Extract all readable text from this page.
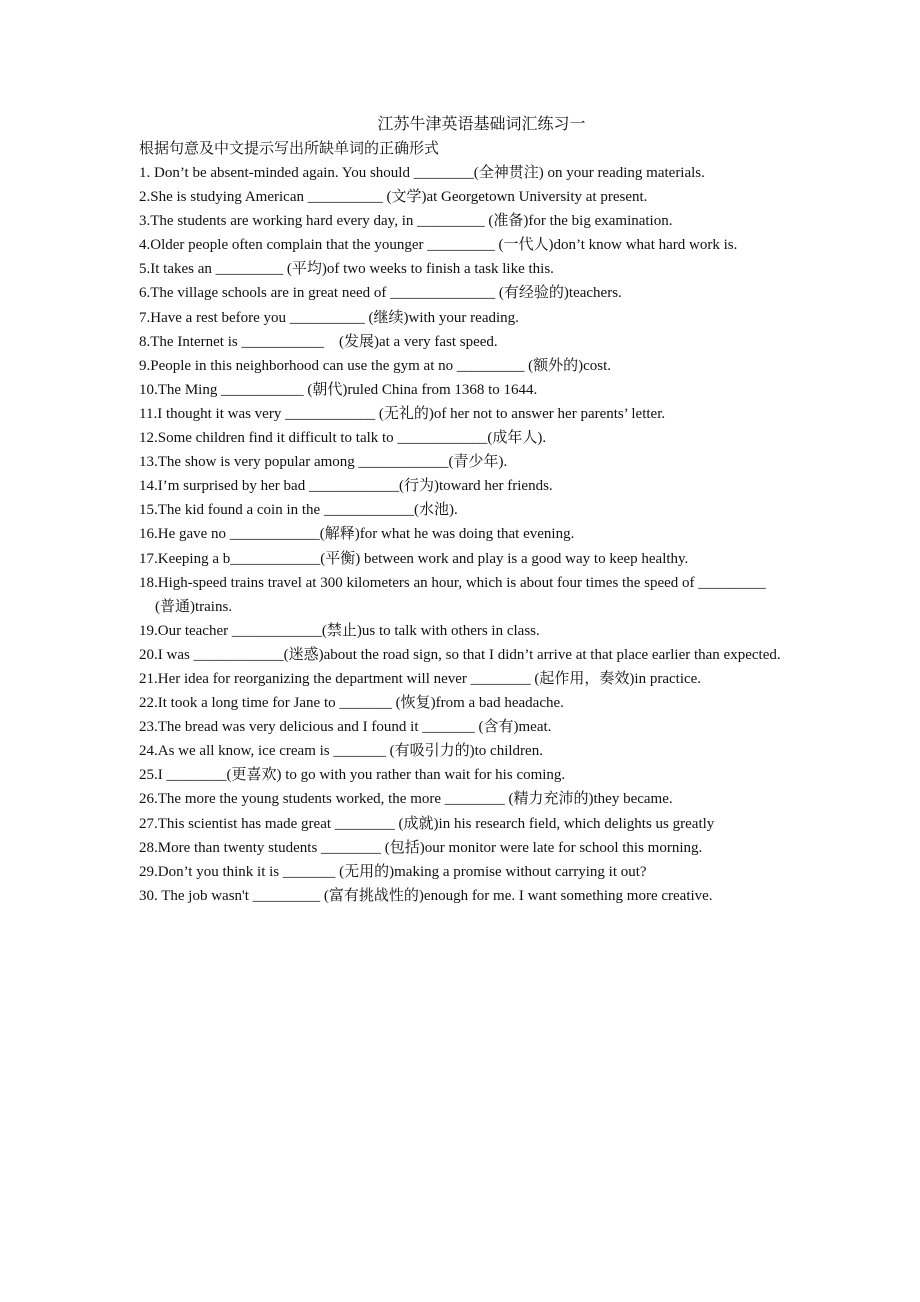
江苏牛津英语基础词汇练习一
根据句意及中文提示写出所缺单词的正确形式
1. Don’t be absent-minded again. You should ________(全神贯注) on your reading materials.
2.She is studying American __________ (文学)at Georgetown University at present.
3.The students are working hard every day, in _________ (准备)for the big examination.
4.Older people often complain that the younger _________ (一代人)don’t know what hard work is.
5.It takes an _________ (平均)of two weeks to finish a task like this.
6.The village schools are in great need of ______________ (有经验的)teachers.
7.Have a rest before you __________ (继续)with your reading.
8.The Internet is ___________　(发展)at a very fast speed.
9.People in this neighborhood can use the gym at no _________ (额外的)cost.
10.The Ming ___________ (朝代)ruled China from 1368 to 1644.
11.I thought it was very ____________ (无礼的)of her not to answer her parents’ letter.
12.Some children find it difficult to talk to ____________(成年人).
13.The show is very popular among ____________(青少年).
14.I’m surprised by her bad ____________(行为)toward her friends.
15.The kid found a coin in the ____________(水池).
16.He gave no ____________(解释)for what he was doing that evening.
17.Keeping a b____________(平衡) between work and play is a good way to keep healthy.
18.High-speed trains travel at 300 kilometers an hour, which is about four times the speed of _________
(普通)trains.
19.Our teacher ____________(禁止)us to talk with others in class.
20.I was ____________(迷惑)about the road sign, so that I didn’t arrive at that place earlier than expected.
21.Her idea for reorganizing the department will never ________ (起作用，奏效)in practice.
22.It took a long time for Jane to _______ (恢复)from a bad headache.
23.The bread was very delicious and I found it _______ (含有)meat.
24.As we all know, ice cream is _______ (有吸引力的)to children.
25.I ________(更喜欢) to go with you rather than wait for his coming.
26.The more the young students worked, the more ________ (精力充沛的)they became.
27.This scientist has made great ________ (成就)in his research field, which delights us greatly
28.More than twenty students ________ (包括)our monitor were late for school this morning.
29.Don’t you think it is _______ (无用的)making a promise without carrying it out?
30. The job wasn't _________ (富有挑战性的)enough for me. I want something more creative.
